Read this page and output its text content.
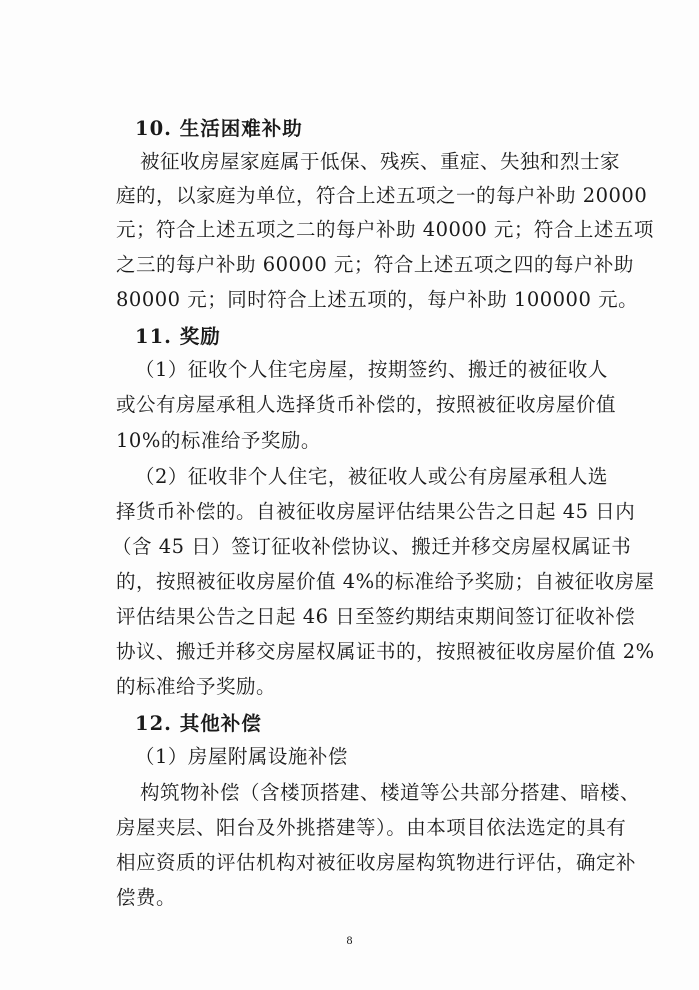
10. 生活困难补助
被征收房屋家庭属于低保、残疾、重症、失独和烈士家
庭的，以家庭为单位，符合上述五项之一的每户补助 20000
元；符合上述五项之二的每户补助 40000 元；符合上述五项
之三的每户补助 60000 元；符合上述五项之四的每户补助
80000 元；同时符合上述五项的，每户补助 100000 元。
11. 奖励
（1）征收个人住宅房屋，按期签约、搬迁的被征收人
或公有房屋承租人选择货币补偿的，按照被征收房屋价值
10%的标准给予奖励。
（2）征收非个人住宅，被征收人或公有房屋承租人选
择货币补偿的。自被征收房屋评估结果公告之日起 45 日内
（含 45 日）签订征收补偿协议、搬迁并移交房屋权属证书
的，按照被征收房屋价值 4%的标准给予奖励；自被征收房屋
评估结果公告之日起 46 日至签约期结束期间签订征收补偿
协议、搬迁并移交房屋权属证书的，按照被征收房屋价值 2%
的标准给予奖励。
12. 其他补偿
（1）房屋附属设施补偿
构筑物补偿（含楼顶搭建、楼道等公共部分搭建、暗楼、
房屋夹层、阳台及外挑搭建等）。由本项目依法选定的具有
相应资质的评估机构对被征收房屋构筑物进行评估，确定补
偿费。
8
